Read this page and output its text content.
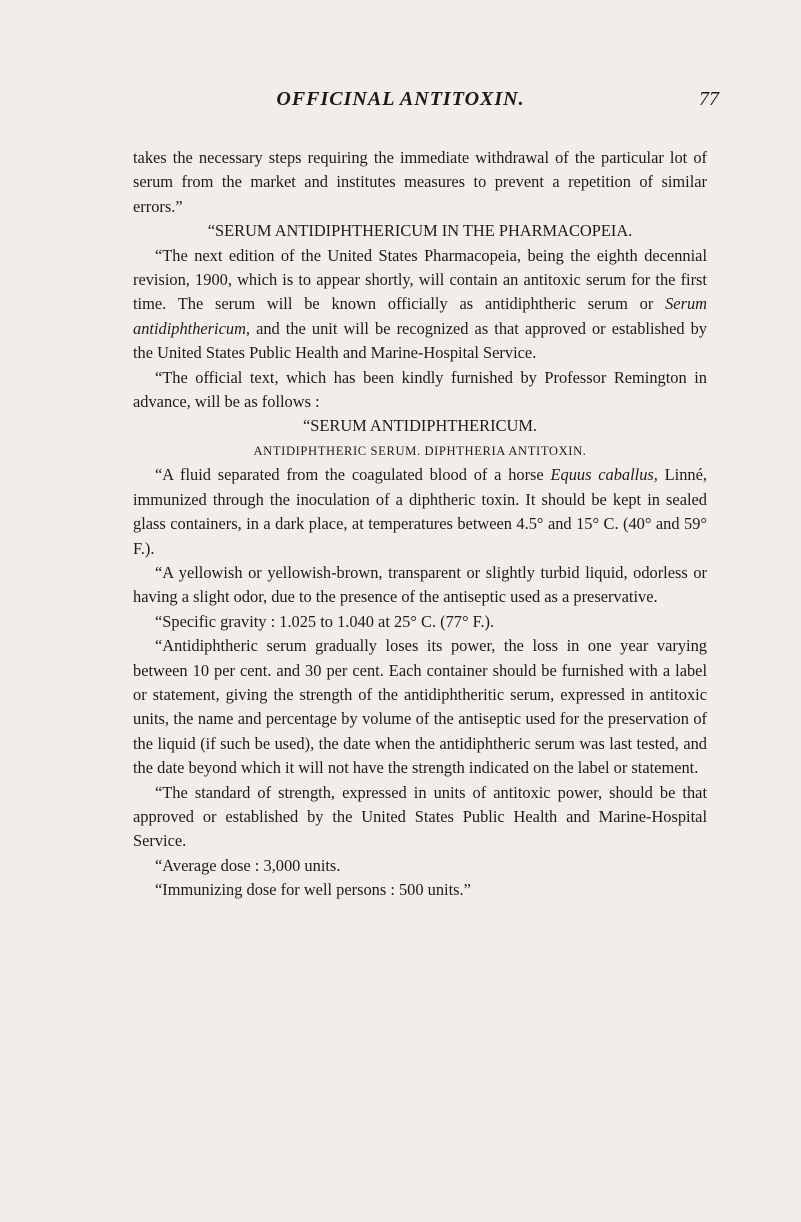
OFFICINAL ANTITOXIN.	77

takes the necessary steps requiring the immediate withdrawal of the particular lot of serum from the market and institutes measures to prevent a repetition of similar errors.”

“SERUM ANTIDIPHTHERICUM IN THE PHARMACOPEIA.

“The next edition of the United States Pharmacopeia, being the eighth decennial revision, 1900, which is to appear shortly, will contain an antitoxic serum for the first time. The serum will be known officially as antidiphtheric serum or Serum antidiphthericum, and the unit will be recognized as that approved or established by the United States Public Health and Marine-Hospital Service.

“The official text, which has been kindly furnished by Professor Remington in advance, will be as follows :

“SERUM ANTIDIPHTHERICUM.

ANTIDIPHTHERIC SERUM. DIPHTHERIA ANTITOXIN.

“A fluid separated from the coagulated blood of a horse Equus caballus, Linné, immunized through the inoculation of a diphtheric toxin. It should be kept in sealed glass containers, in a dark place, at temperatures between 4.5° and 15° C. (40° and 59° F.).

“A yellowish or yellowish-brown, transparent or slightly turbid liquid, odorless or having a slight odor, due to the presence of the antiseptic used as a preservative.

“Specific gravity : 1.025 to 1.040 at 25° C. (77° F.).

“Antidiphtheric serum gradually loses its power, the loss in one year varying between 10 per cent. and 30 per cent. Each container should be furnished with a label or statement, giving the strength of the antidiphtheritic serum, expressed in antitoxic units, the name and percentage by volume of the antiseptic used for the preservation of the liquid (if such be used), the date when the antidiphtheric serum was last tested, and the date beyond which it will not have the strength indicated on the label or statement.

“The standard of strength, expressed in units of antitoxic power, should be that approved or established by the United States Public Health and Marine-Hospital Service.

“Average dose : 3,000 units.

“Immunizing dose for well persons : 500 units.”
